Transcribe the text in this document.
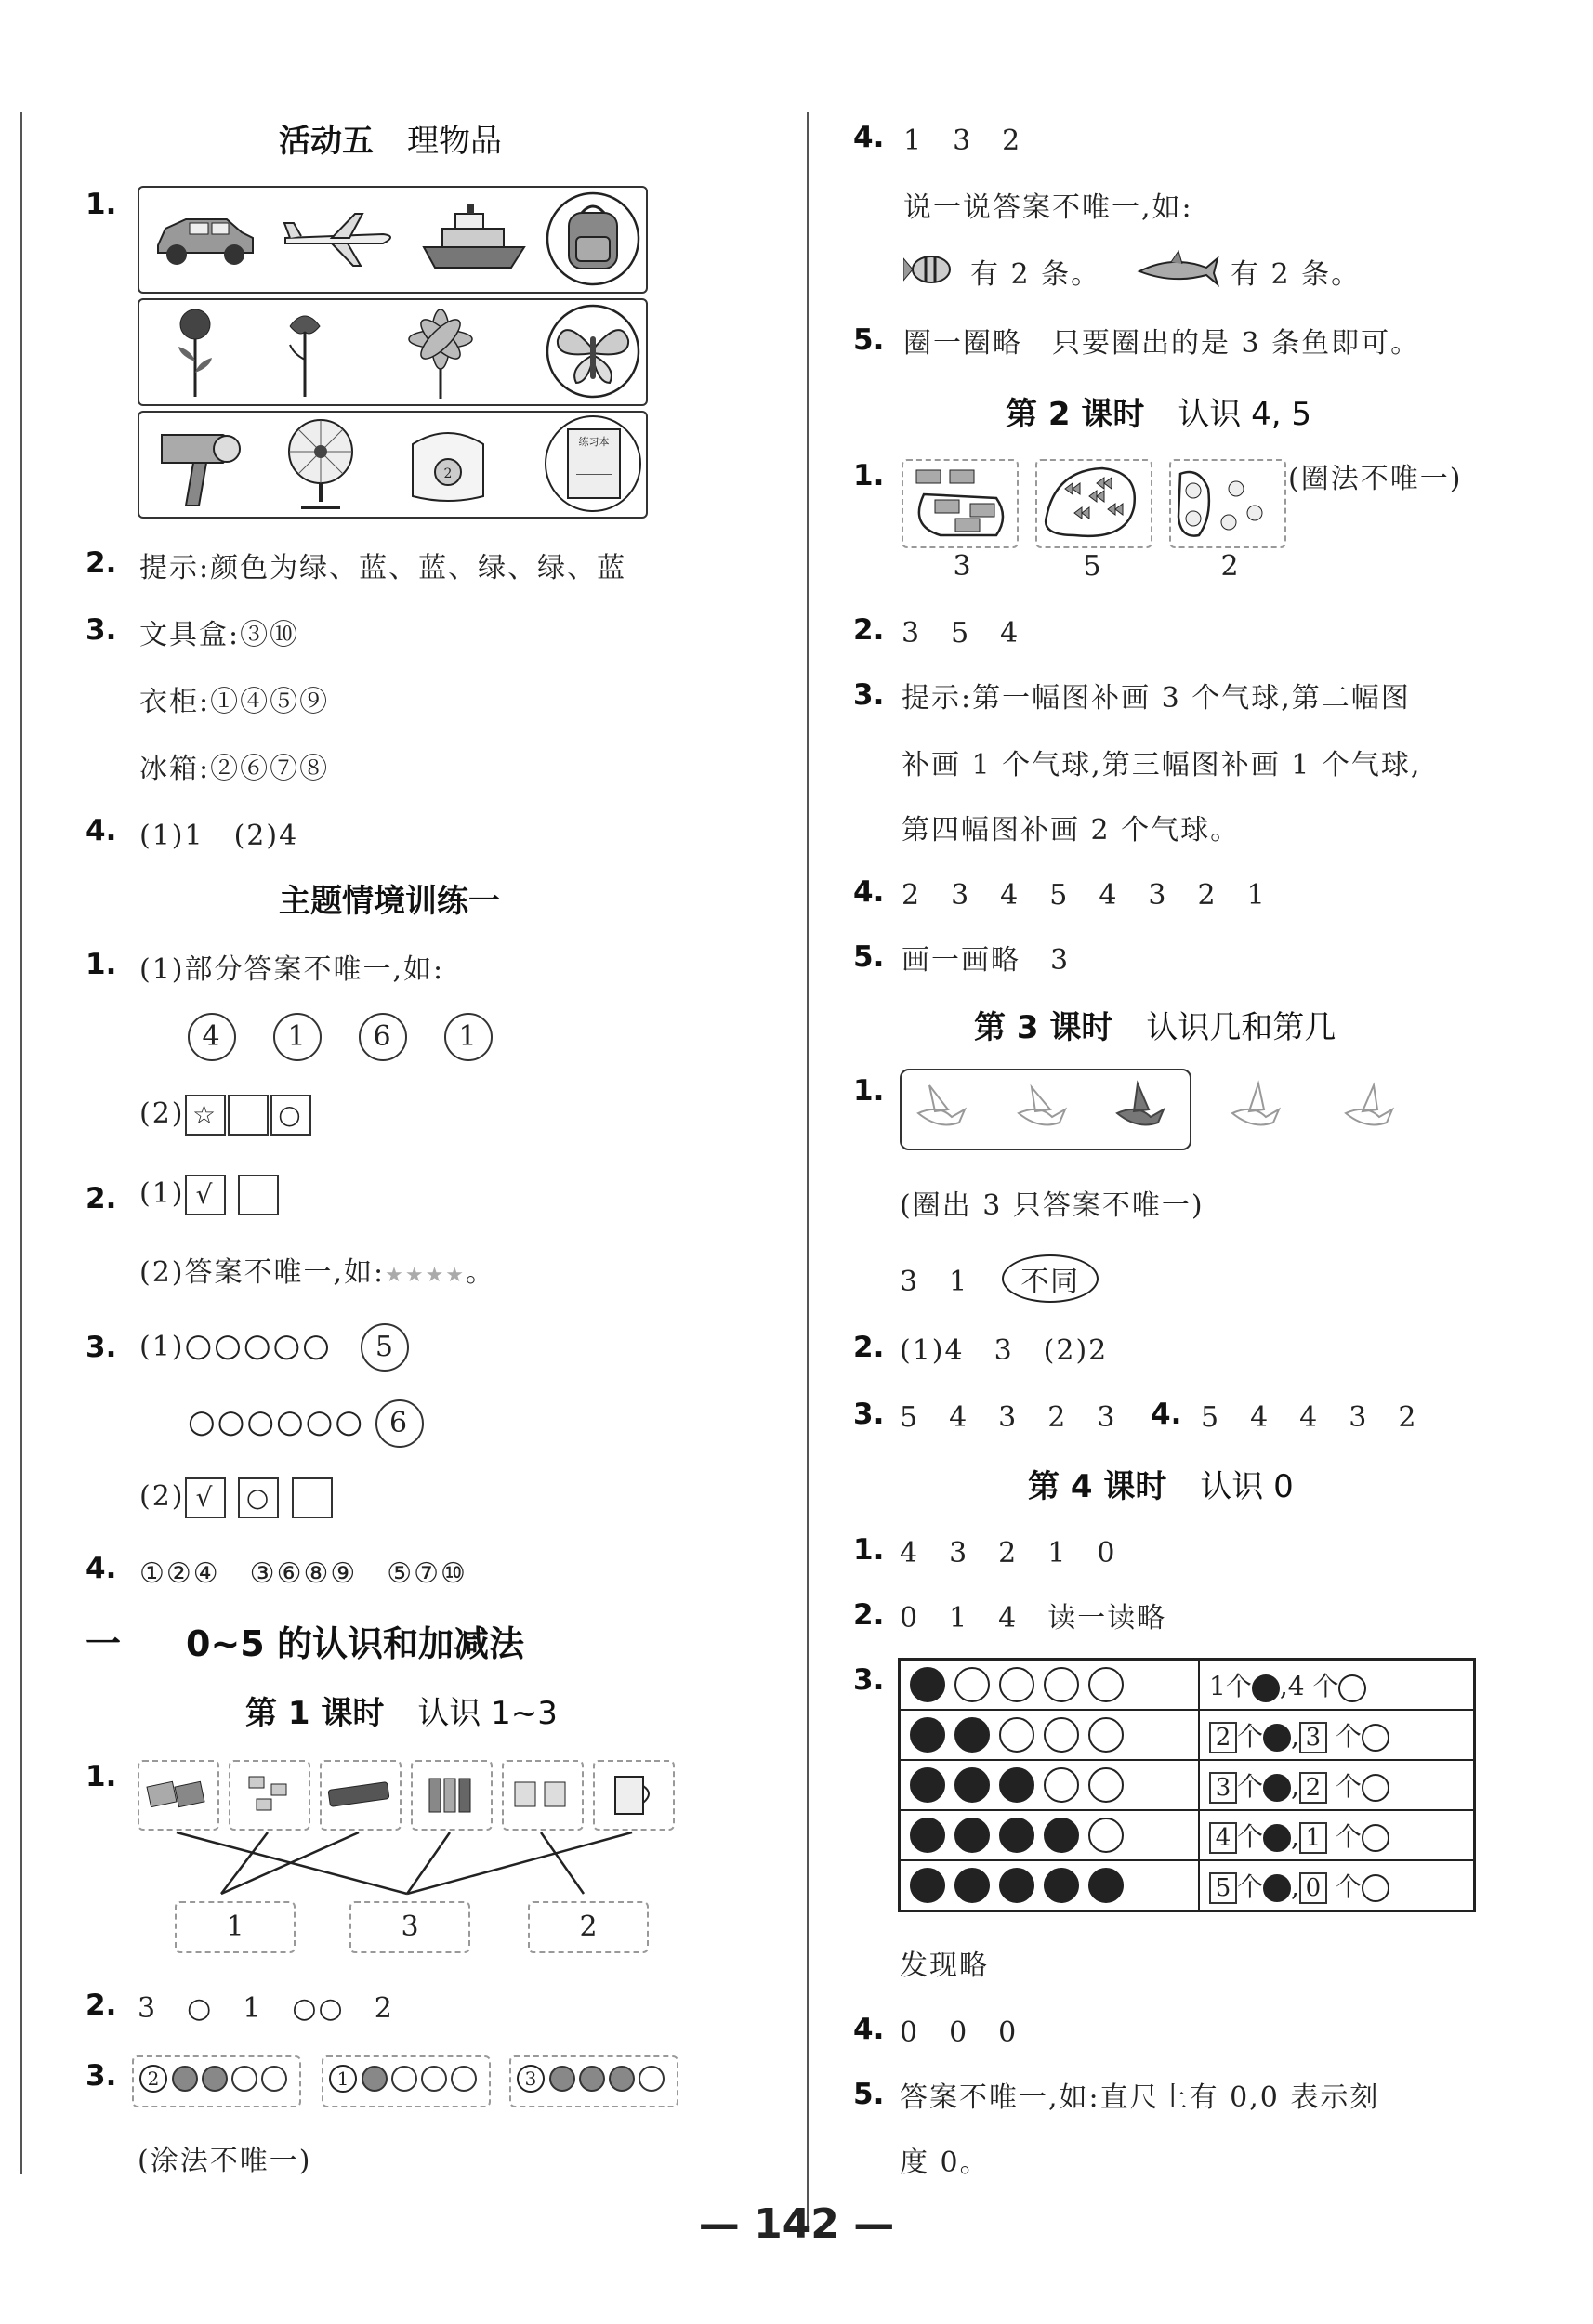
活动五 理物品
1.
2
练习本
2. 提示:颜色为绿、蓝、蓝、绿、绿、蓝
3. 文具盒:③⑩
衣柜:①④⑤⑨
冰箱:②⑥⑦⑧
4. (1)1　(2)4
主题情境训练一
1. (1)部分答案不唯一,如:
4 1 6 1
(2) ☆ ○
2. (1) √
(2)答案不唯一,如:★★★★。
3. (1)○○○○○ 5
○○○○○○ 6
(2) √ ○
4. ①②④　③⑥⑧⑨　⑤⑦⑩
一 0~5 的认识和加减法
第 1 课时 认识 1~3
1.
1	3	2
2. 3　○　1　○○　2
3.	2	1	3
(涂法不唯一)
4. 1　3　2
说一说答案不唯一,如:
有 2 条。	有 2 条。
5. 圈一圈略　只要圈出的是 3 条鱼即可。
第 2 课时 认识 4, 5
1.	(圈法不唯一)
3	5	2
2. 3　5　4
3. 提示:第一幅图补画 3 个气球,第二幅图
补画 1 个气球,第三幅图补画 1 个气球,
第四幅图补画 2 个气球。
4. 2　3　4　5　4　3　2　1
5. 画一画略　3
第 3 课时 认识几和第几
1.
(圈出 3 只答案不唯一)
3　1 不同
2. (1)4　3　(2)2
3. 5　4　3　2　3 4. 5　4　4　3　2
第 4 课时 认识 0
1. 4　3　2　1　0
2. 0　1　4　读一读略
3.
		1个 ,4 个
	2 个 , 3 个
	3 个 , 2 个
	4 个 , 1 个
	5 个 , 0 个
发现略
4. 0　0　0
5. 答案不唯一,如:直尺上有 0,0 表示刻
度 0。
— 142 —
